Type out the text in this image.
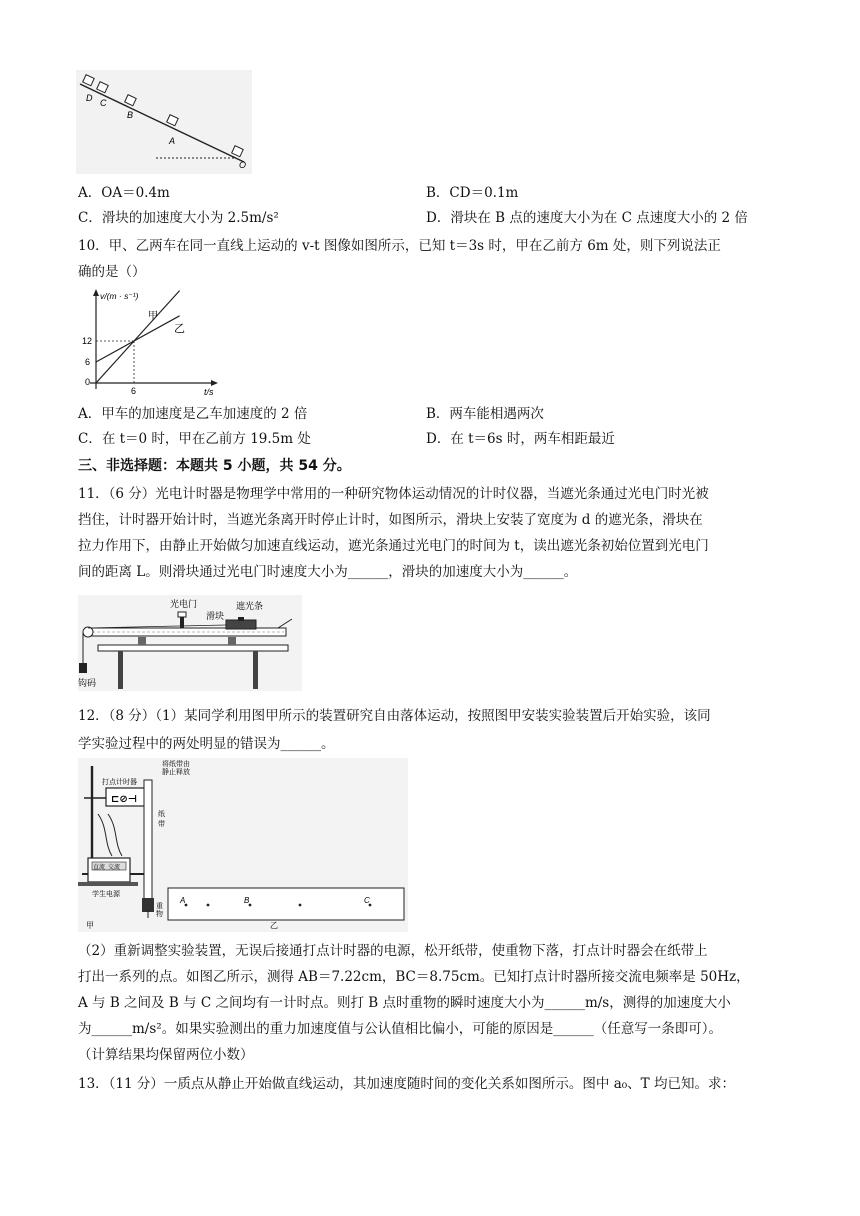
D C
B
A
O
A．OA＝0.4m	B．CD＝0.1m
C．滑块的加速度大小为 2.5m/s²	D．滑块在 B 点的速度大小为在 C 点速度大小的 2 倍
10．甲、乙两车在同一直线上运动的 v-t 图像如图所示，已知 t＝3s 时，甲在乙前方 6m 处，则下列说法正
确的是（）
v/(m · s⁻¹)
t/s
甲
乙
12
6
0
6
A．甲车的加速度是乙车加速度的 2 倍	B．两车能相遇两次
C．在 t＝0 时，甲在乙前方 19.5m 处	D．在 t＝6s 时，两车相距最近
三、非选择题：本题共 5 小题，共 54 分。
11．（6 分）光电计时器是物理学中常用的一种研究物体运动情况的计时仪器，当遮光条通过光电门时光被
挡住，计时器开始计时，当遮光条离开时停止计时，如图所示，滑块上安装了宽度为 d 的遮光条，滑块在
拉力作用下，由静止开始做匀加速直线运动，遮光条通过光电门的时间为 t，读出遮光条初始位置到光电门
间的距离 L。则滑块通过光电门时速度大小为______，滑块的加速度大小为______。
光电门	遮光条
滑块
钩码
12．（8 分）（1）某同学利用图甲所示的装置研究自由落体运动，按照图甲安装实验装置后开始实验，该同
学实验过程中的两处明显的错误为______。
⊏⊘⊣
将纸带由
静止释放
打点计时器
纸
带
直流 交流
学生电源
重
物
甲	乙
A	B	C
（2）重新调整实验装置，无误后接通打点计时器的电源，松开纸带，使重物下落，打点计时器会在纸带上
打出一系列的点。如图乙所示，测得 AB＝7.22cm，BC＝8.75cm。已知打点计时器所接交流电频率是 50Hz，
A 与 B 之间及 B 与 C 之间均有一计时点。则打 B 点时重物的瞬时速度大小为______m/s，测得的加速度大小
为______m/s²。如果实验测出的重力加速度值与公认值相比偏小，可能的原因是______（任意写一条即可）。
（计算结果均保留两位小数）
13．（11 分）一质点从静止开始做直线运动，其加速度随时间的变化关系如图所示。图中 a₀、T 均已知。求：
